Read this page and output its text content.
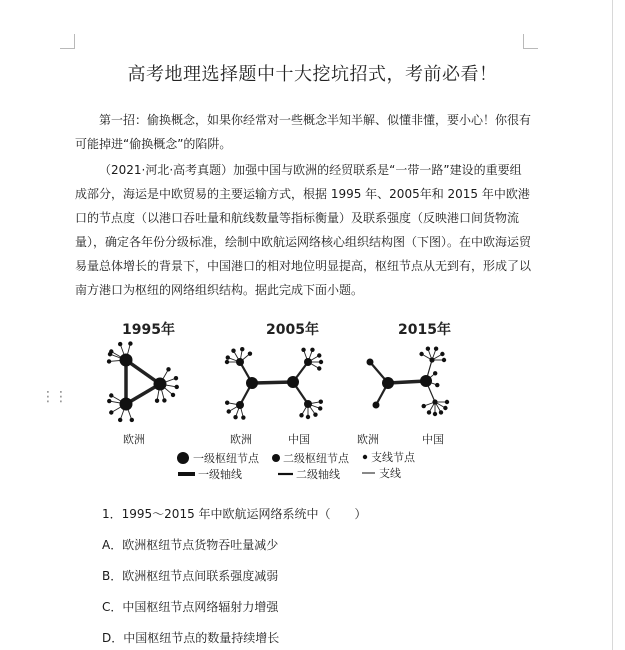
高考地理选择题中十大挖坑招式，考前必看！
第一招：偷换概念，如果你经常对一些概念半知半解、似懂非懂，要小心！你很有可能掉进“偷换概念”的陷阱。
（2021·河北·高考真题）加强中国与欧洲的经贸联系是“一带一路”建设的重要组成部分，海运是中欧贸易的主要运输方式，根据 1995 年、2005年和 2015 年中欧港口的节点度（以港口吞吐量和航线数量等指标衡量）及联系强度（反映港口间货物流量），确定各年份分级标准，绘制中欧航运网络核心组织结构图（下图）。在中欧海运贸易量总体增长的背景下，中国港口的相对地位明显提高，枢纽节点从无到有，形成了以南方港口为枢纽的网络组织结构。据此完成下面小题。
⋮⋮
1995年	2005年	2015年
欧洲	欧洲	中国	欧洲	中国
一级枢纽节点 二级枢纽节点 支线节点
一级轴线	二级轴线	支线
1．1995～2015 年中欧航运网络系统中（　　）
A．欧洲枢纽节点货物吞吐量减少
B．欧洲枢纽节点间联系强度减弱
C．中国枢纽节点网络辐射力增强
D．中国枢纽节点的数量持续增长
